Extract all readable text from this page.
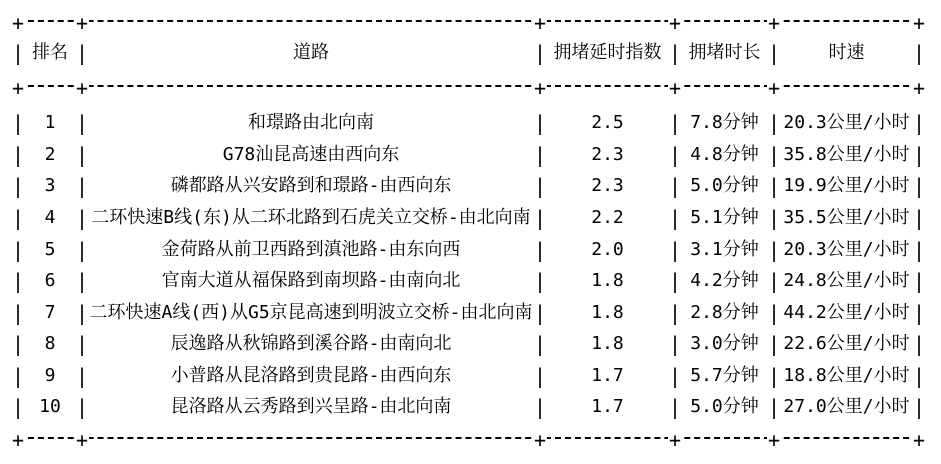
+
+
+
+
+
+
|
排名 |	道路 |	拥堵延时指数 |	拥堵时长 |	时速
|
+
+
+
+
+
+
|
1 |	和璟路由北向南 |	2.5 |	7.8分钟 |	20.3公里/小时
|
|
2 |	G78汕昆高速由西向东 |	2.3 |	4.8分钟 |	35.8公里/小时
|
|
3 |	磷都路从兴安路到和璟路-由西向东 |	2.3 |	5.0分钟 |	19.9公里/小时
|
|
4 |	二环快速B线(东)从二环北路到石虎关立交桥-由北向南 |	2.2 |	5.1分钟 |	35.5公里/小时
|
|
5 |	金荷路从前卫西路到滇池路-由东向西 |	2.0 |	3.1分钟 |	20.3公里/小时
|
|
6 |	官南大道从福保路到南坝路-由南向北 |	1.8 |	4.2分钟 |	24.8公里/小时
|
|
7 |	二环快速A线(西)从G5京昆高速到明波立交桥-由北向南 |	1.8 |	2.8分钟 |	44.2公里/小时
|
|
8 |	辰逸路从秋锦路到溪谷路-由南向北 |	1.8 |	3.0分钟 |	22.6公里/小时
|
|
9 |	小普路从昆洛路到贵昆路-由西向东 |	1.7 |	5.7分钟 |	18.8公里/小时
|
|
10 |	昆洛路从云秀路到兴呈路-由北向南 |	1.7 |	5.0分钟 |	27.0公里/小时
|
+
+
+
+
+
+
